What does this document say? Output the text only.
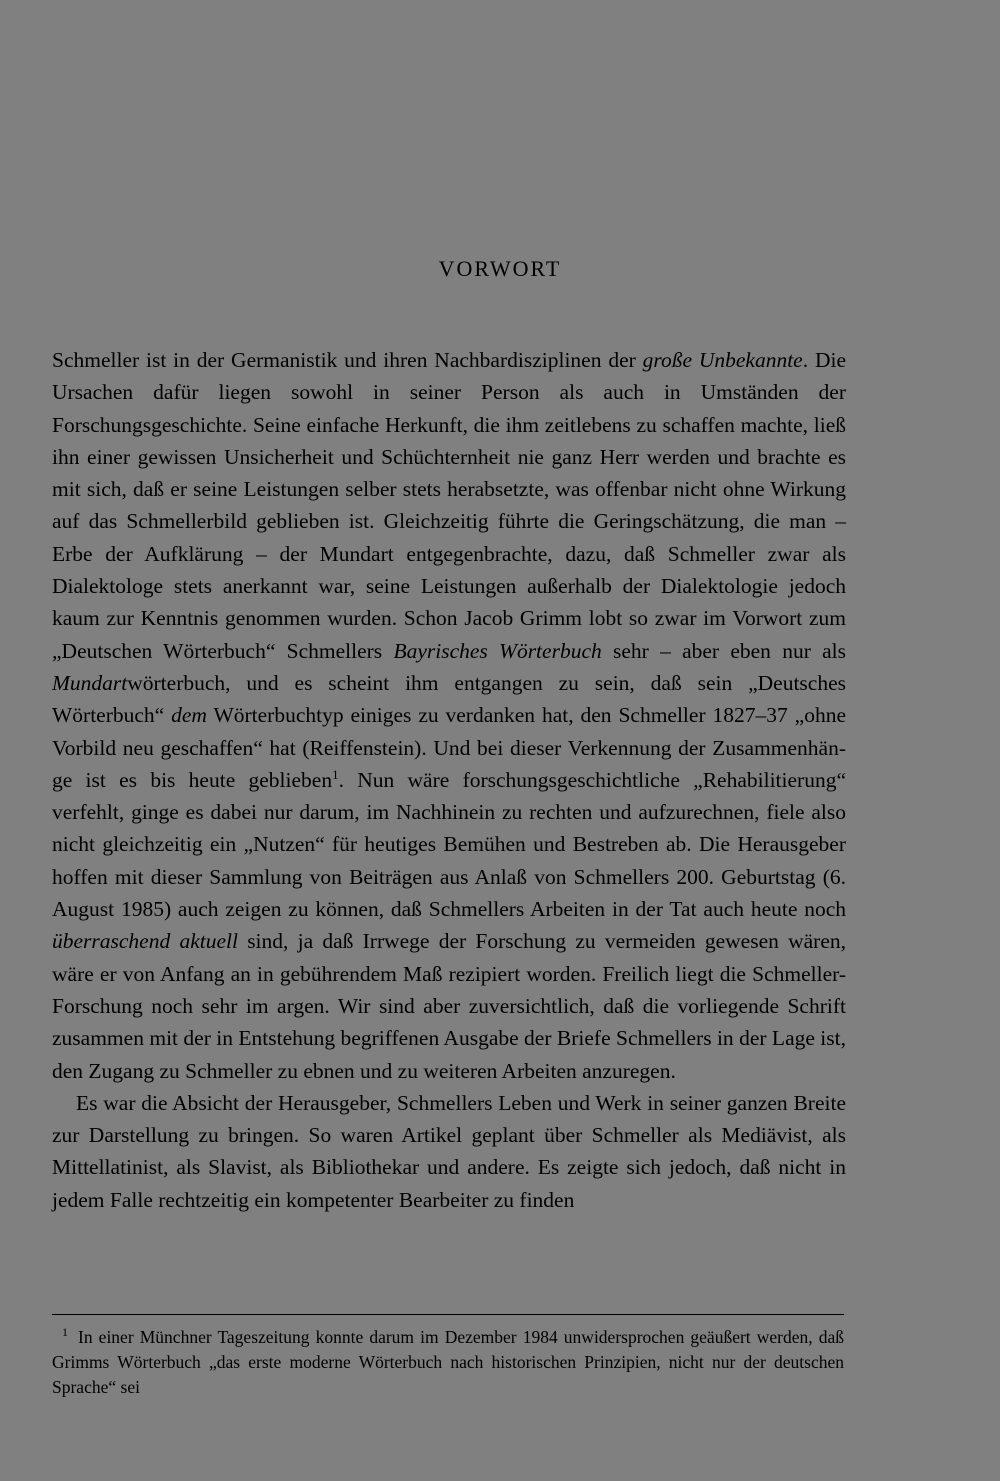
VORWORT

Schmeller ist in der Germanistik und ihren Nachbardisziplinen der große Unbekannte. Die Ursachen dafür liegen sowohl in seiner Person als auch in Umständen der Forschungsgeschichte. Seine einfache Herkunft, die ihm zeitlebens zu schaffen machte, ließ ihn einer gewissen Unsicherheit und Schüchternheit nie ganz Herr werden und brachte es mit sich, daß er seine Leistungen selber stets herabsetzte, was offenbar nicht ohne Wirkung auf das Schmellerbild geblieben ist. Gleichzeitig führte die Geringschätzung, die man – Erbe der Aufklärung – der Mundart entgegenbrachte, dazu, daß Schmeller zwar als Dialektologe stets anerkannt war, seine Leistungen außerhalb der Dialektologie jedoch kaum zur Kenntnis genommen wurden. Schon Jacob Grimm lobt so zwar im Vorwort zum „Deutschen Wörterbuch“ Schmellers Bayrisches Wörterbuch sehr – aber eben nur als Mundartwörterbuch, und es scheint ihm entgangen zu sein, daß sein „Deutsches Wörterbuch“ dem Wörterbuchtyp einiges zu verdanken hat, den Schmeller 1827–37 „ohne Vorbild neu geschaffen“ hat (Reiffenstein). Und bei dieser Verkennung der Zusammenhänge ist es bis heute geblieben$^1$. Nun wäre forschungsgeschichtliche „Rehabilitierung“ verfehlt, ginge es dabei nur darum, im Nachhinein zu rechten und aufzurechnen, fiele also nicht gleichzeitig ein „Nutzen“ für heutiges Bemühen und Bestreben ab. Die Herausgeber hoffen mit dieser Sammlung von Beiträgen aus Anlaß von Schmellers 200. Geburtstag (6. August 1985) auch zeigen zu können, daß Schmellers Arbeiten in der Tat auch heute noch überraschend aktuell sind, ja daß Irrwege der Forschung zu vermeiden gewesen wären, wäre er von Anfang an in gebührendem Maß rezipiert worden. Freilich liegt die Schmeller-Forschung noch sehr im argen. Wir sind aber zuversichtlich, daß die vorliegende Schrift zusammen mit der in Entstehung begriffenen Ausgabe der Briefe Schmellers in der Lage ist, den Zugang zu Schmeller zu ebnen und zu weiteren Arbeiten anzuregen.

Es war die Absicht der Herausgeber, Schmellers Leben und Werk in seiner ganzen Breite zur Darstellung zu bringen. So waren Artikel geplant über Schmeller als Mediävist, als Mittellatinist, als Slavist, als Bibliothekar und andere. Es zeigte sich jedoch, daß nicht in jedem Falle rechtzeitig ein kompetenter Bearbeiter zu finden

$^1$ In einer Münchner Tageszeitung konnte darum im Dezember 1984 unwidersprochen geäußert werden, daß Grimms Wörterbuch „das erste moderne Wörterbuch nach historischen Prinzipien, nicht nur der deutschen Sprache“ sei
